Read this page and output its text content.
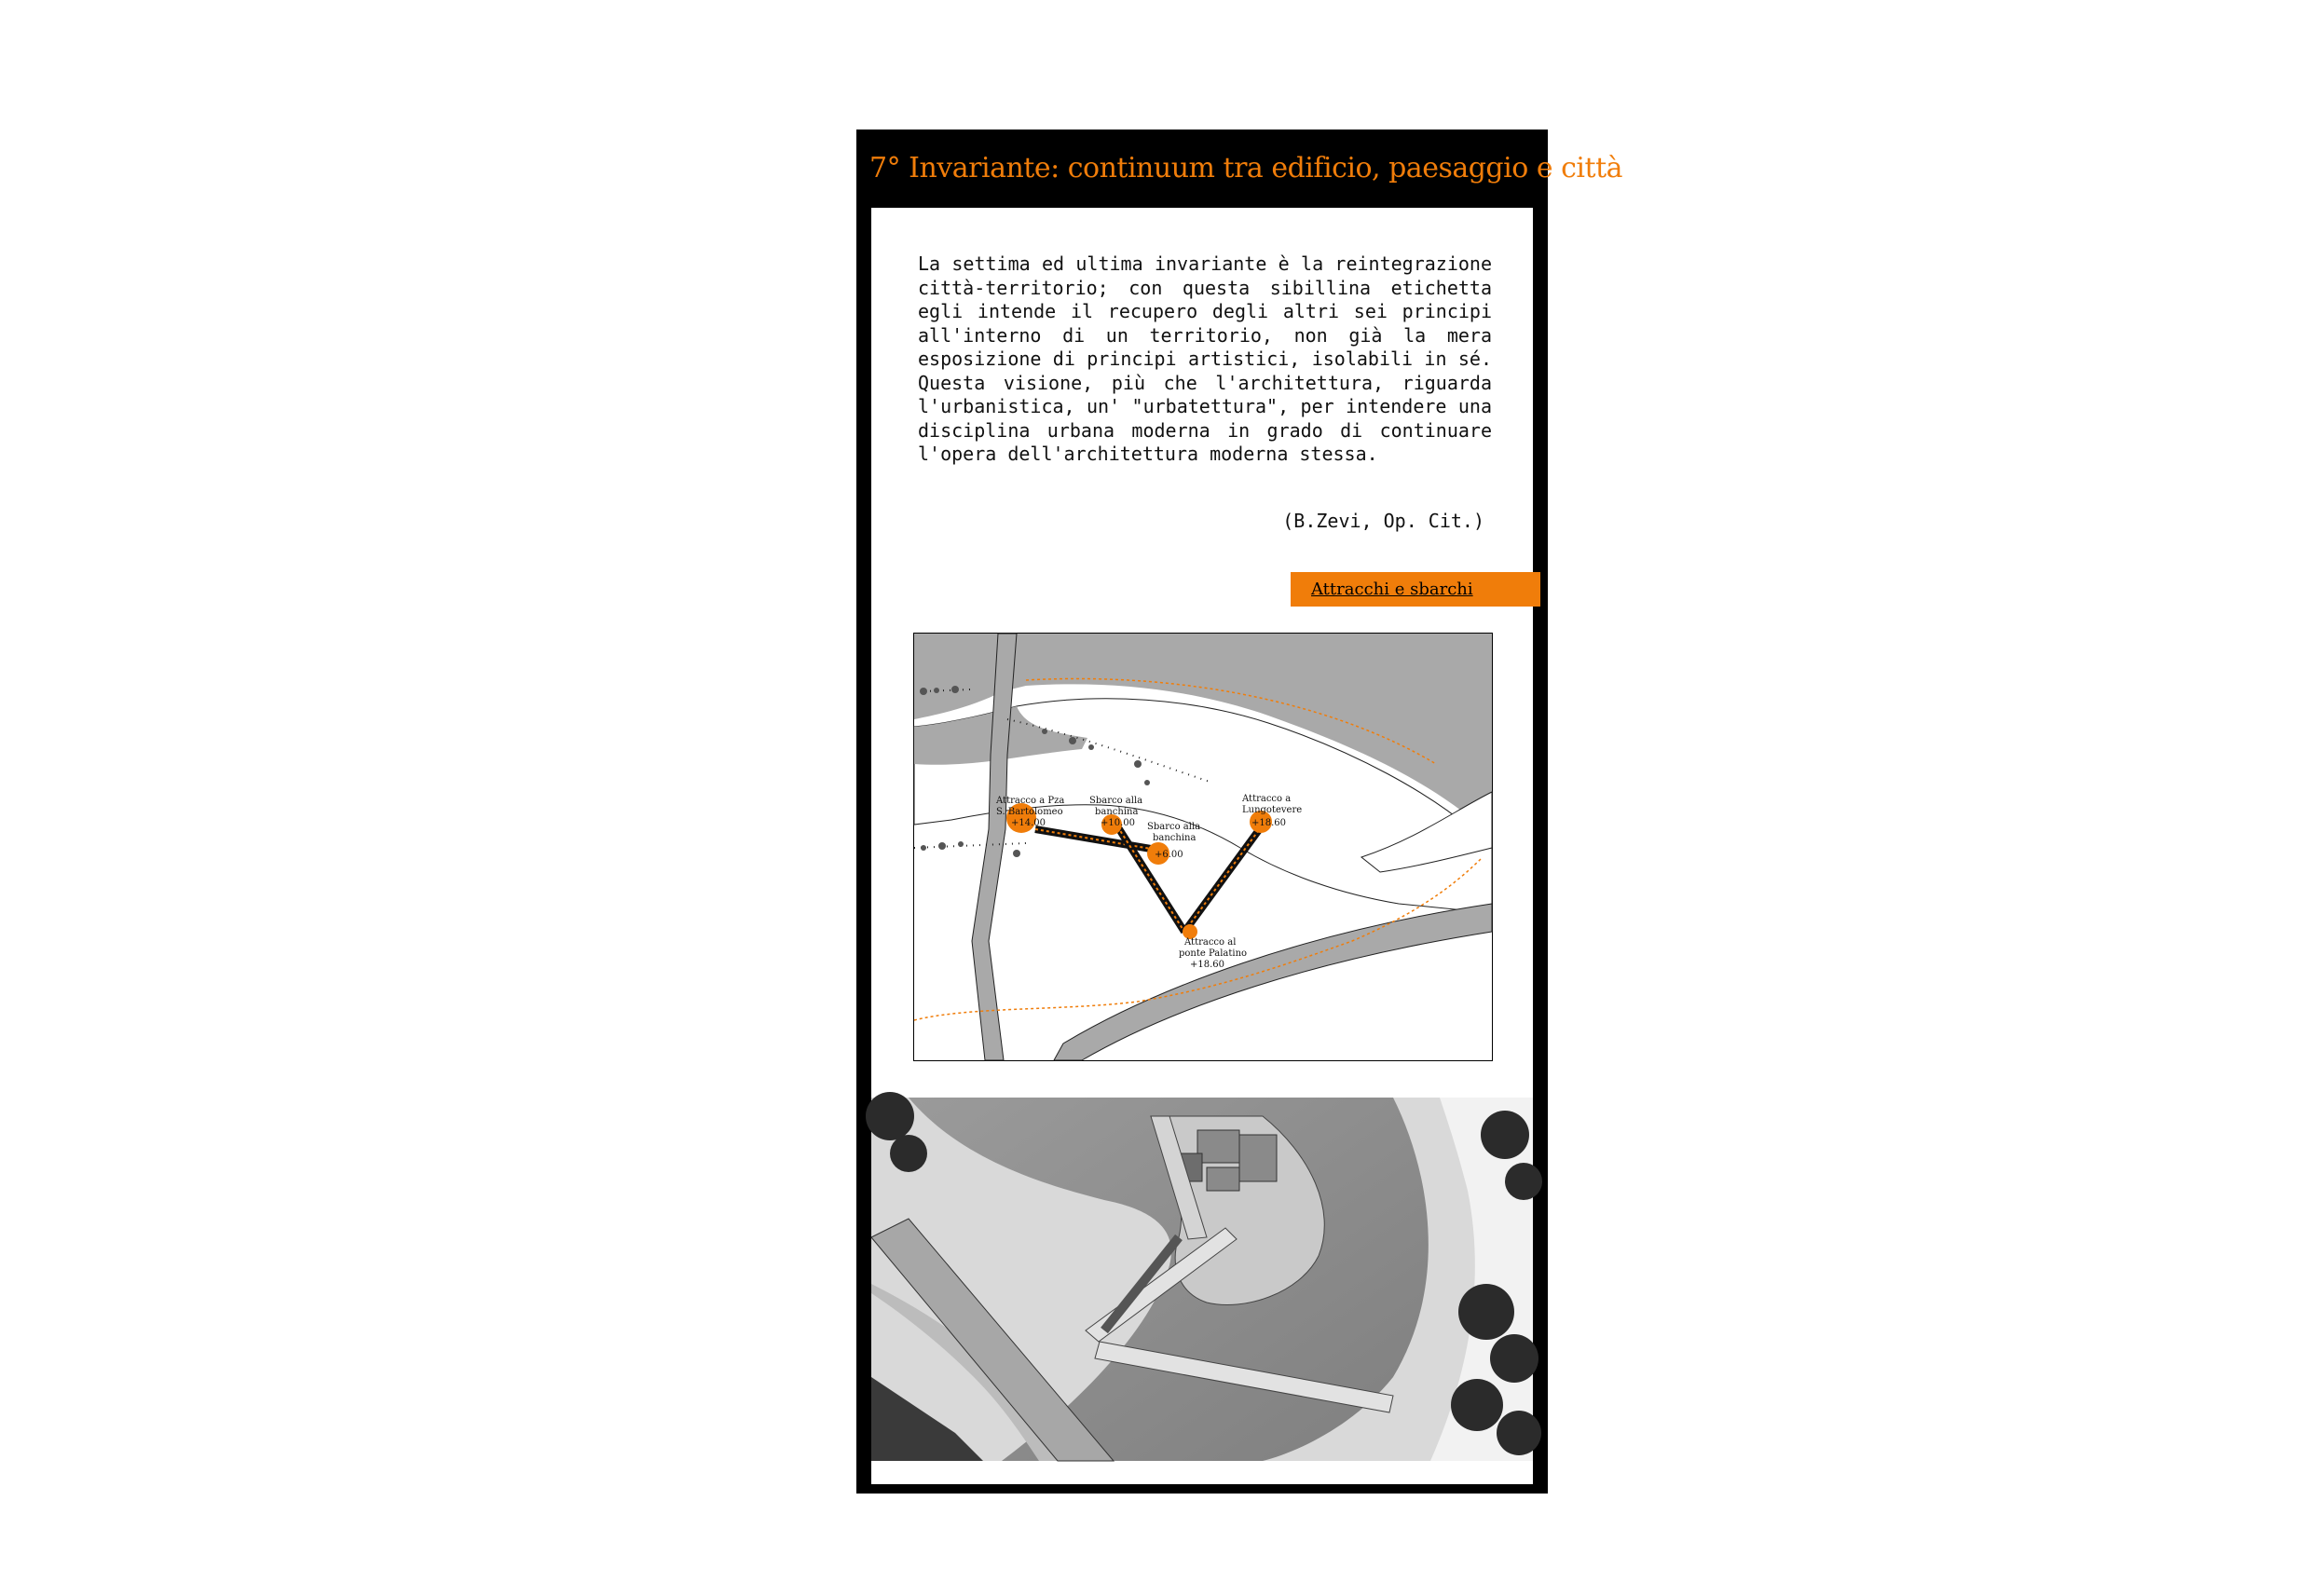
7° Invariante: continuum tra edificio, paesaggio e città

La settima ed ultima invariante è la reintegrazione città-territorio; con questa sibillina etichetta egli intende il recupero degli altri sei principi all'interno di un territorio, non già la mera esposizione di principi artistici, isolabili in sé. Questa visione, più che l'architettura, riguarda l'urbanistica, un' "urbatettura", per intendere una disciplina urbana moderna in grado di continuare l'opera dell'architettura moderna stessa.

(B.Zevi, Op. Cit.)
Attracchi e sbarchi
Attracco a Pza
S. Bartolomeo
+14.00
Sbarco alla
banchina
+10.00 Sbarco alla
banchina
+6.00
Attracco a
Lungotevere
+18.60
Attracco al
ponte Palatino
+18.60
